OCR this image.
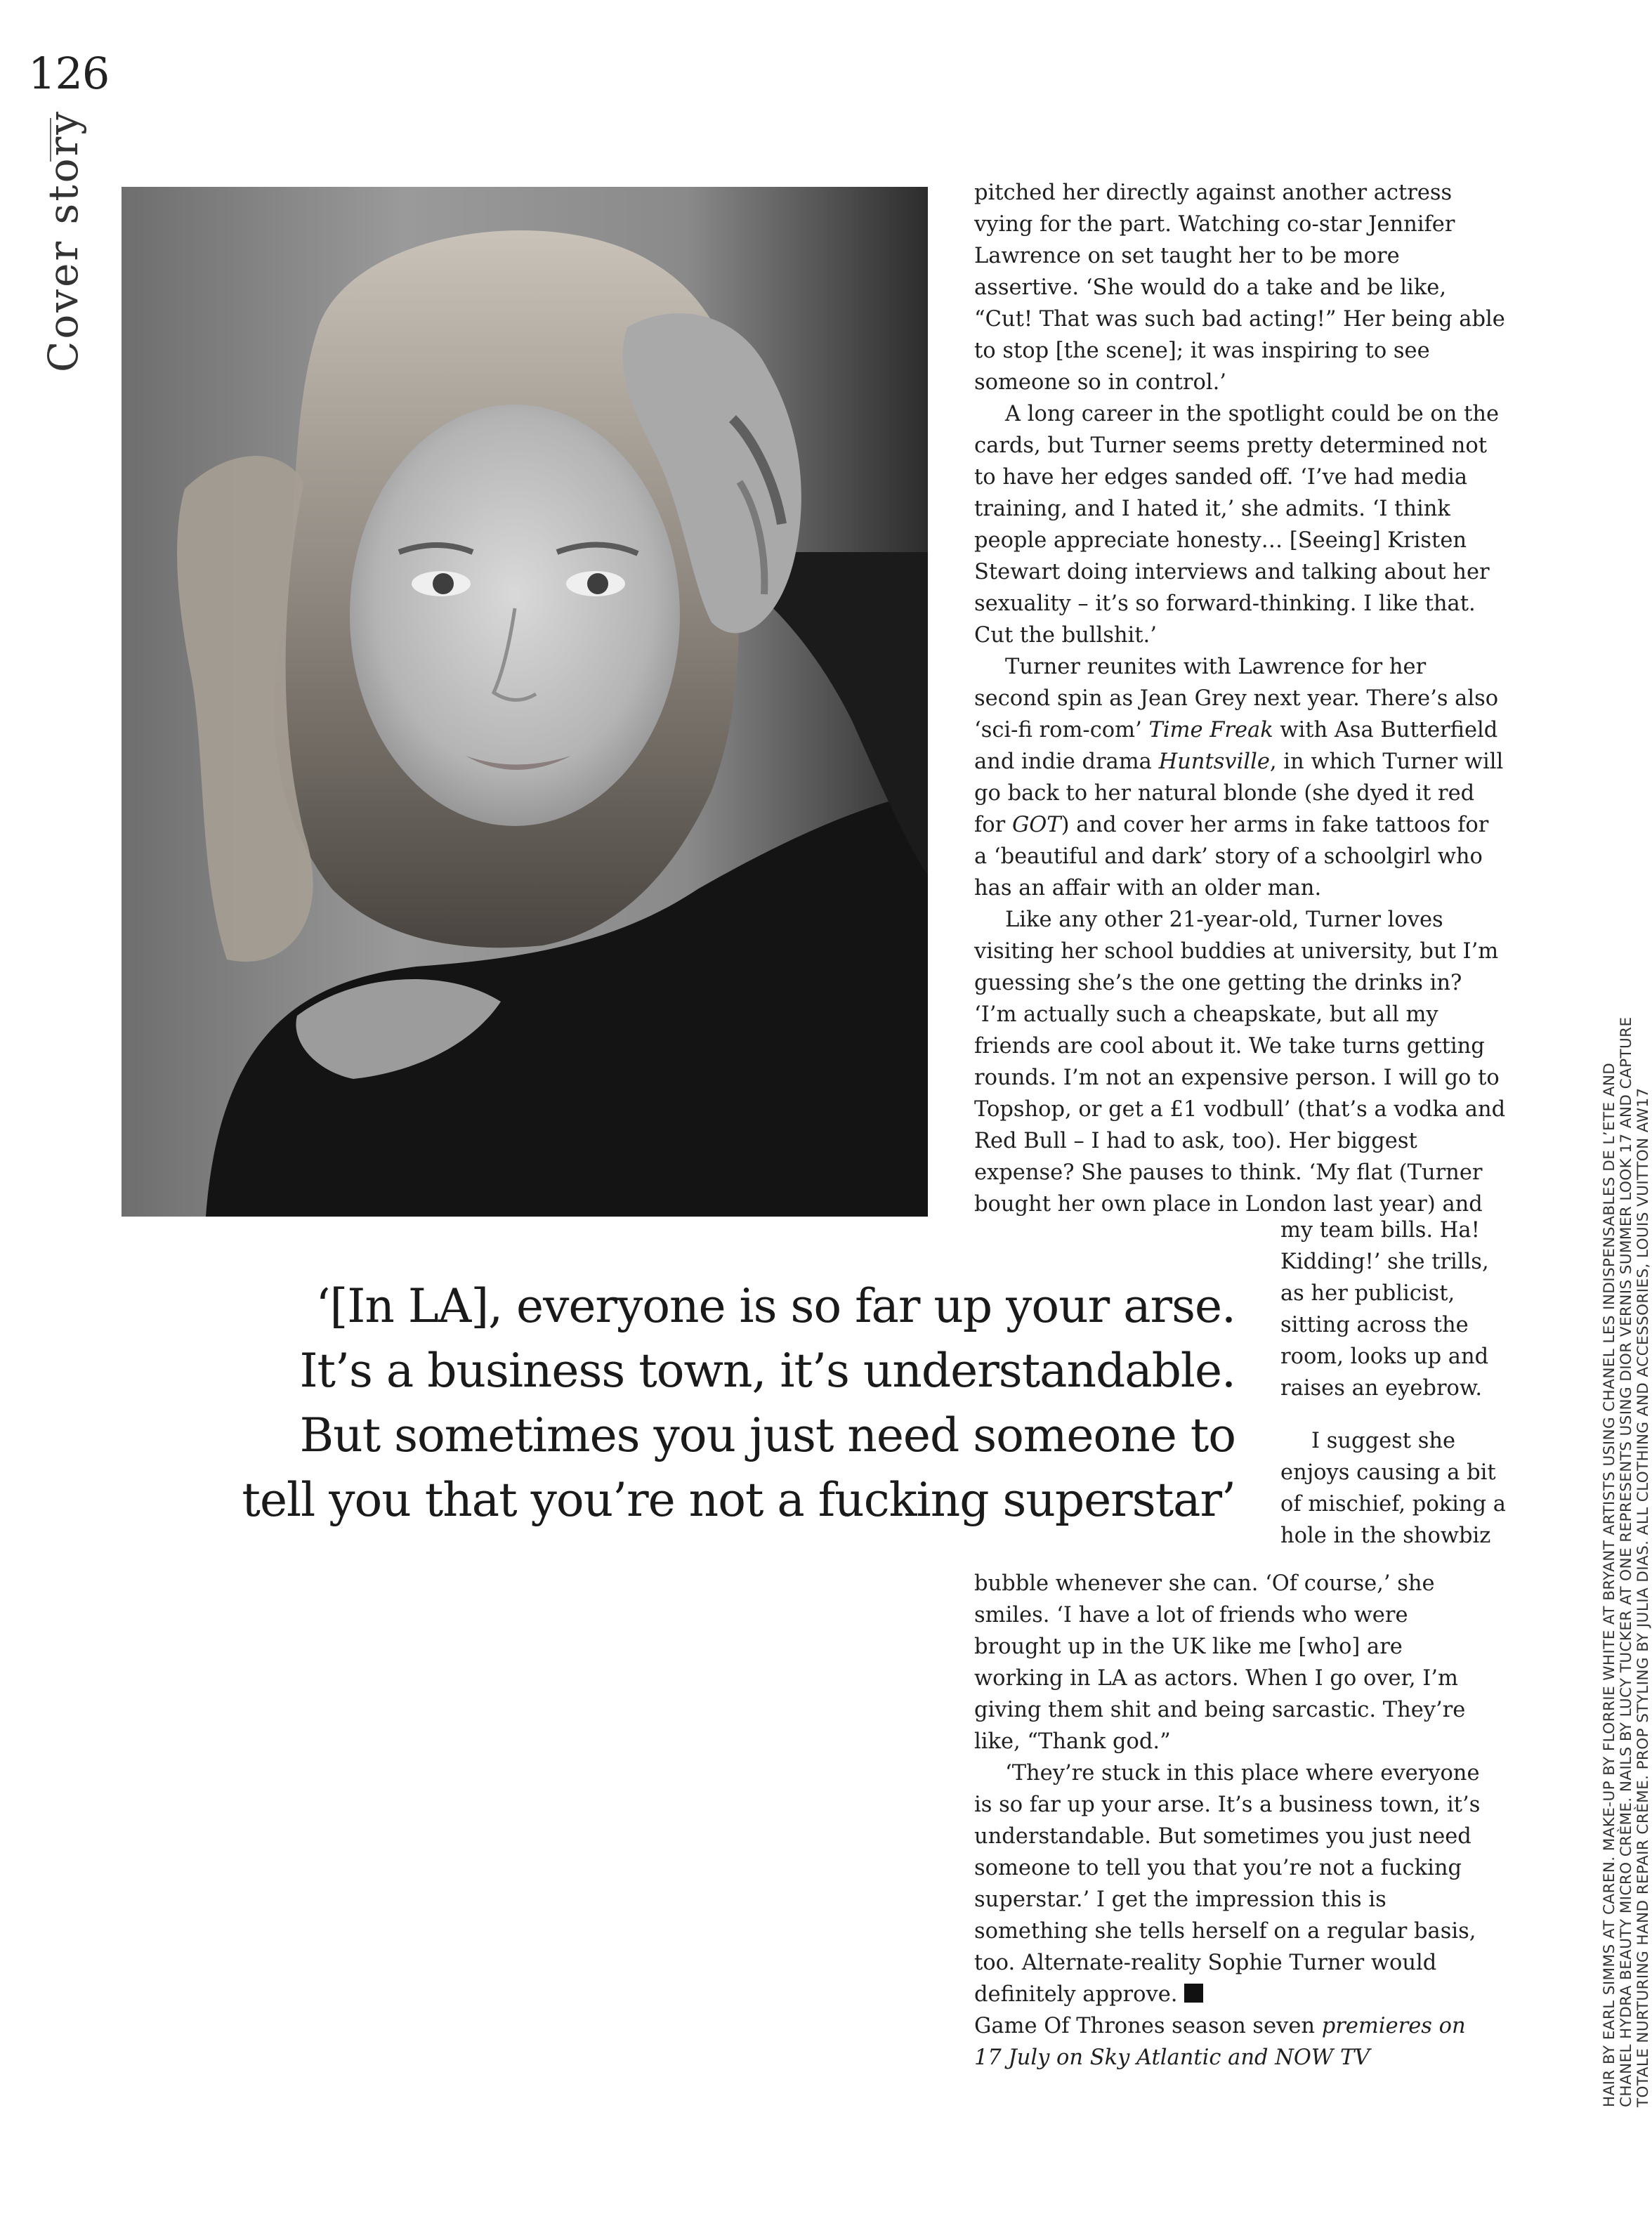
126
Cover story	pitched her directly against another actress vying for the part. Watching co-star Jennifer Lawrence on set taught her to be more assertive. ‘She would do a take and be like, “Cut! That was such bad acting!” Her being able to stop [the scene]; it was inspiring to see someone so in control.’

A long career in the spotlight could be on the cards, but Turner seems pretty determined not to have her edges sanded off. ‘I’ve had media training, and I hated it,’ she admits. ‘I think people appreciate honesty… [Seeing] Kristen Stewart doing interviews and talking about her sexuality – it’s so forward-thinking. I like that. Cut the bullshit.’

Turner reunites with Lawrence for her second spin as Jean Grey next year. There’s also ‘sci-fi rom-com’ Time Freak with Asa Butterfield and indie drama Huntsville, in which Turner will go back to her natural blonde (she dyed it red for GOT) and cover her arms in fake tattoos for a ‘beautiful and dark’ story of a schoolgirl who has an affair with an older man.

Like any other 21-year-old, Turner loves visiting her school buddies at university, but I’m guessing she’s the one getting the drinks in? ‘I’m actually such a cheapskate, but all my friends are cool about it. We take turns getting rounds. I’m not an expensive person. I will go to Topshop, or get a £1 vodbull’ (that’s a vodka and Red Bull – I had to ask, too). Her biggest expense? She pauses to think. ‘My flat (Turner bought her own place in London last year) and

my team bills. Ha! Kidding!’ she trills, as her publicist, sitting across the room, looks up and raises an eyebrow.

I suggest she enjoys causing a bit of mischief, poking a hole in the showbiz

‘[In LA], everyone is so far up your arse.
It’s a business town, it’s understandable.
But sometimes you just need someone to
tell you that you’re not a fucking superstar’

bubble whenever she can. ‘Of course,’ she smiles. ‘I have a lot of friends who were brought up in the UK like me [who] are working in LA as actors. When I go over, I’m giving them shit and being sarcastic. They’re like, “Thank god.”

‘They’re stuck in this place where everyone is so far up your arse. It’s a business town, it’s understandable. But sometimes you just need someone to tell you that you’re not a fucking superstar.’ I get the impression this is something she tells herself on a regular basis, too. Alternate-reality Sophie Turner would definitely approve.

Game Of Thrones season seven premieres on 17 July on Sky Atlantic and NOW TV	HAIR BY EARL SIMMS AT CAREN. MAKE-UP BY FLORRIE WHITE AT BRYANT ARTISTS USING CHANEL LES INDISPENSABLES DE L’ETE AND CHANEL HYDRA BEAUTY MICRO CRÈME. NAILS BY LUCY TUCKER AT ONE REPRESENTS USING DIOR VERNIS SUMMER LOOK 17 AND CAPTURE TOTALE NURTURING HAND REPAIR CRÈME. PROP STYLING BY JULIA DIAS. ALL CLOTHING AND ACCESSORIES, LOUIS VUITTON AW17
